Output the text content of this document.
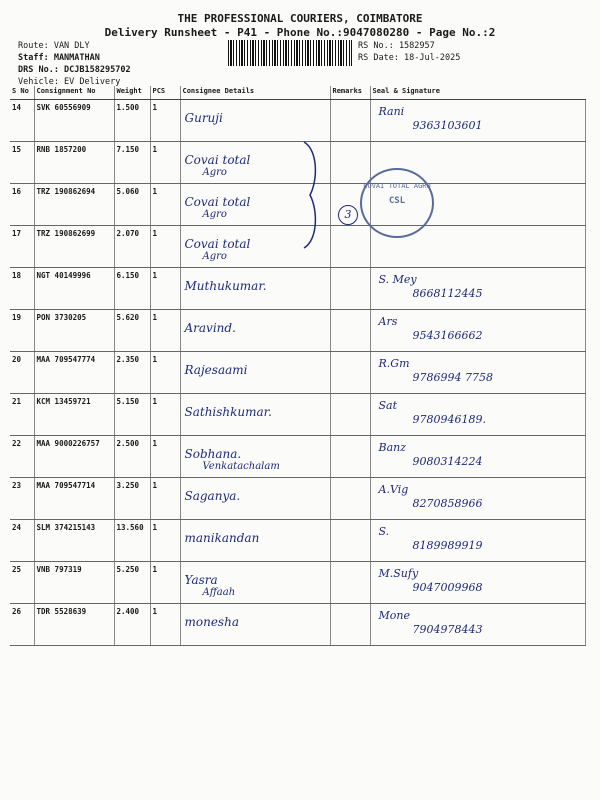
THE PROFESSIONAL COURIERS, COIMBATORE
Delivery Runsheet - P41 - Phone No.:9047080280 - Page No.:2
Route: VAN DLY
Staff: MANMATHAN
DRS No.: DCJB158295702
Vehicle: EV Delivery
RS No.: 1582957
RS Date: 18-Jul-2025
S No	Consignment No	Weight	PCS	Consignee Details	Remarks	Seal & Signature
14	SVK 60556909	1.500	1	Guruji		Rani
9363103601

15	RNB 1857200	7.150	1	Covai total
Agro		

16	TRZ 190862694	5.060	1	Covai total
Agro		

17	TRZ 190862699	2.070	1	Covai total
Agro		

18	NGT 40149996	6.150	1	Muthukumar.		S. Mey
8668112445

19	PON 3730205	5.620	1	Aravind.		Ars
9543166662

20	MAA 709547774	2.350	1	Rajesaami		R.Gm
9786994 7758

21	KCM 13459721	5.150	1	Sathishkumar.		Sat
9780946189.

22	MAA 9000226757	2.500	1	Sobhana.
Venkatachalam		Banz
9080314224

23	MAA 709547714	3.250	1	Saganya.		A.Vig
8270858966

24	SLM 374215143	13.560	1	manikandan		S.
8189989919

25	VNB 797319	5.250	1	Yasra
Affaah		M.Sufy
9047009968

26	TDR 5528639	2.400	1	monesha		Mone
7904978443
3
COVAI TOTAL AGRO
CSL
